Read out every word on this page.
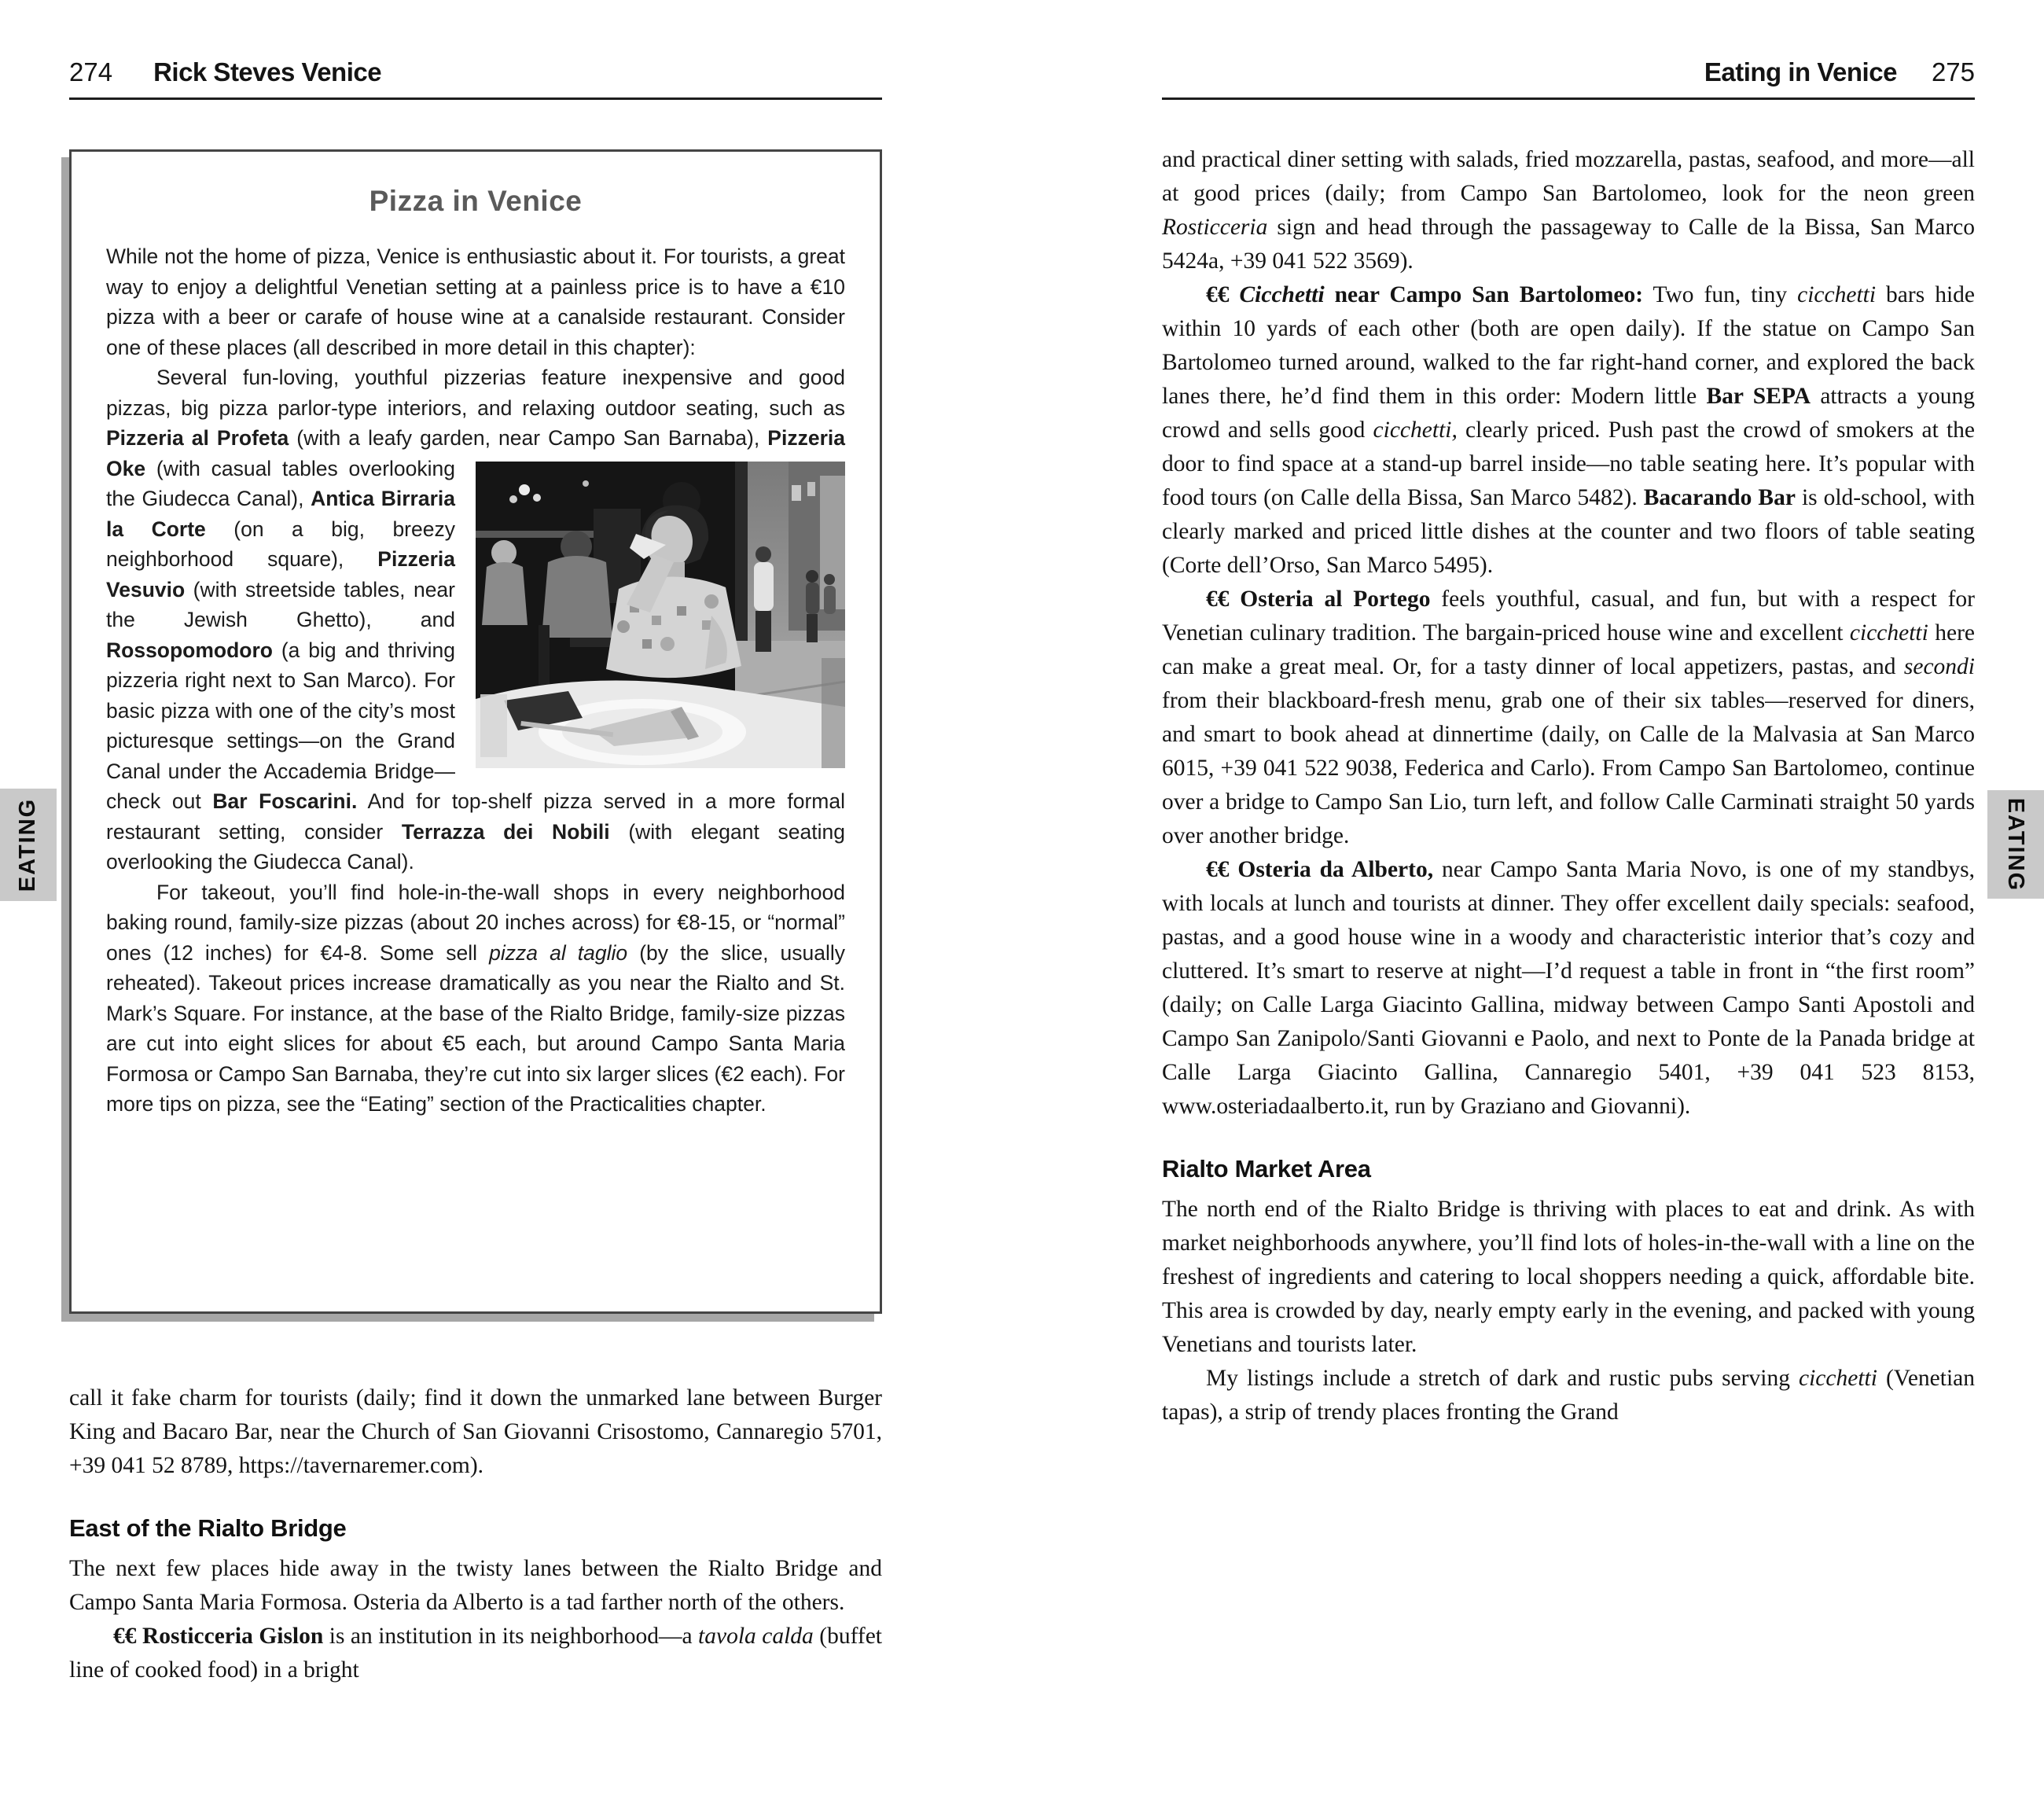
EATING
274 Rick Steves Venice
Pizza in Venice

While not the home of pizza, Venice is enthusiastic about it. For tourists, a great way to enjoy a delightful Venetian setting at a painless price is to have a €10 pizza with a beer or carafe of house wine at a canalside restaurant. Consider one of these places (all described in more detail in this chapter):

Several fun-loving, youthful pizzerias feature inexpensive and good pizzas, big pizza parlor-type interiors, and relaxing outdoor seating, such as Pizzeria al Profeta (with a leafy garden, near Campo San Barnaba), Pizzeria Oke (with casual
tables overlooking the Giudecca Canal), Antica Birraria la Corte (on a big, breezy neighborhood square), Pizzeria Vesuvio (with streetside tables, near the Jewish Ghetto), and Rossopomodoro (a big and thriving pizzeria right next to San Marco). For basic pizza with one of the city’s most picturesque settings—on the Grand Canal under the Accademia Bridge—check out Bar Foscarini. And for top-shelf pizza served in a more formal restaurant setting, consider Terrazza dei Nobili (with elegant seating overlooking the Giudecca Canal).

For takeout, you’ll find hole-in-the-wall shops in every neighborhood baking round, family-size pizzas (about 20 inches across) for €8-15, or “normal” ones (12 inches) for €4-8. Some sell pizza al taglio (by the slice, usually reheated). Takeout prices increase dramatically as you near the Rialto and St. Mark’s Square. For instance, at the base of the Rialto Bridge, family-size pizzas are cut into eight slices for about €5 each, but around Campo Santa Maria Formosa or Campo San Barnaba, they’re cut into six larger slices (€2 each). For more tips on pizza, see the “Eating” section of the Practicalities chapter.

call it fake charm for tourists (daily; find it down the unmarked lane between Burger King and Bacaro Bar, near the Church of San Giovanni Crisostomo, Cannaregio 5701, +39 041 52 8789, https://tavernaremer.com).

East of the Rialto Bridge

The next few places hide away in the twisty lanes between the Rialto Bridge and Campo Santa Maria Formosa. Osteria da Alberto is a tad farther north of the others.

€€ Rosticceria Gislon is an institution in its neighborhood—a tavola calda (buffet line of cooked food) in a bright

Eating in Venice 275

and practical diner setting with salads, fried mozzarella, pastas, seafood, and more—all at good prices (daily; from Campo San Bartolomeo, look for the neon green Rosticceria sign and head through the passageway to Calle de la Bissa, San Marco 5424a, +39 041 522 3569).

€€ Cicchetti near Campo San Bartolomeo: Two fun, tiny cicchetti bars hide within 10 yards of each other (both are open daily). If the statue on Campo San Bartolomeo turned around, walked to the far right-hand corner, and explored the back lanes there, he’d find them in this order: Modern little Bar SEPA attracts a young crowd and sells good cicchetti, clearly priced. Push past the crowd of smokers at the door to find space at a stand-up barrel inside—no table seating here. It’s popular with food tours (on Calle della Bissa, San Marco 5482). Bacarando Bar is old-school, with clearly marked and priced little dishes at the counter and two floors of table seating (Corte dell’Orso, San Marco 5495).

€€ Osteria al Portego feels youthful, casual, and fun, but with a respect for Venetian culinary tradition. The bargain-priced house wine and excellent cicchetti here can make a great meal. Or, for a tasty dinner of local appetizers, pastas, and secondi from their blackboard-fresh menu, grab one of their six tables—reserved for diners, and smart to book ahead at dinnertime (daily, on Calle de la Malvasia at San Marco 6015, +39 041 522 9038, Federica and Carlo). From Campo San Bartolomeo, continue over a bridge to Campo San Lio, turn left, and follow Calle Carminati straight 50 yards over another bridge.

€€ Osteria da Alberto, near Campo Santa Maria Novo, is one of my standbys, with locals at lunch and tourists at dinner. They offer excellent daily specials: seafood, pastas, and a good house wine in a woody and characteristic interior that’s cozy and cluttered. It’s smart to reserve at night—I’d request a table in front in “the first room” (daily; on Calle Larga Giacinto Gallina, midway between Campo Santi Apostoli and Campo San Zanipolo/Santi Giovanni e Paolo, and next to Ponte de la Panada bridge at Calle Larga Giacinto Gallina, Cannaregio 5401, +39 041 523 8153, www.osteriadaalberto.it, run by Graziano and Giovanni).

Rialto Market Area

The north end of the Rialto Bridge is thriving with places to eat and drink. As with market neighborhoods anywhere, you’ll find lots of holes-in-the-wall with a line on the freshest of ingredients and catering to local shoppers needing a quick, affordable bite. This area is crowded by day, nearly empty early in the evening, and packed with young Venetians and tourists later.

My listings include a stretch of dark and rustic pubs serving cicchetti (Venetian tapas), a strip of trendy places fronting the Grand

EATING
